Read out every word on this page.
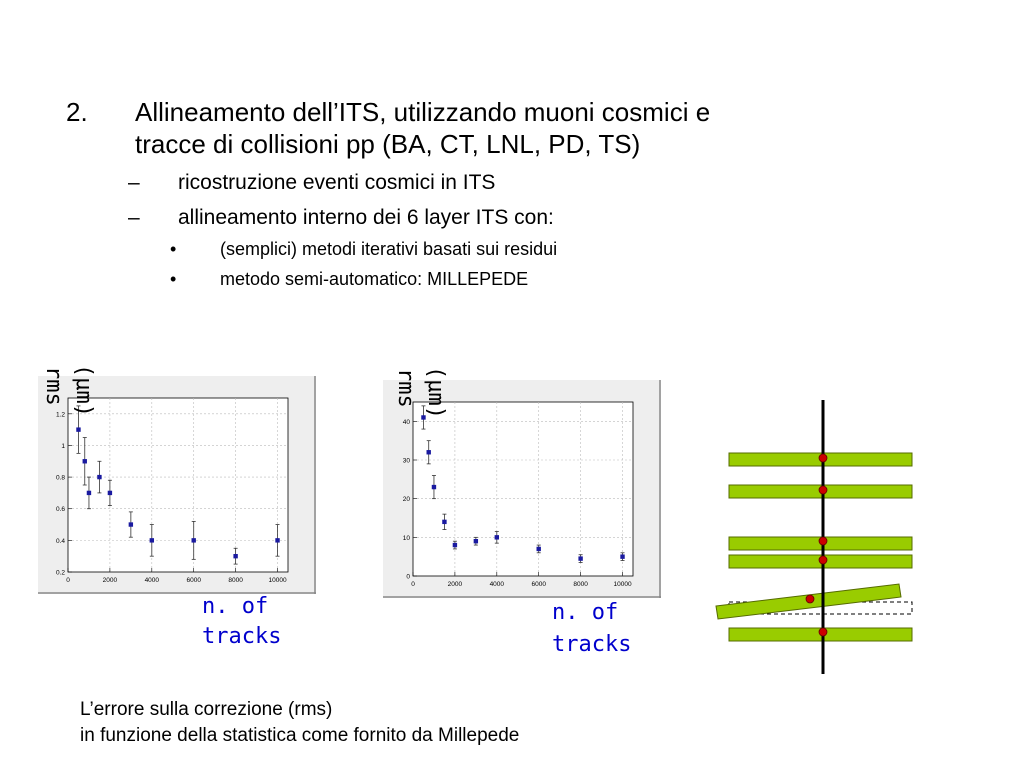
2. Allineamento dell’ITS, utilizzando muoni cosmici e
tracce di collisioni pp (BA, CT, LNL, PD, TS)
– ricostruzione eventi cosmici in ITS
– allineamento interno dei 6 layer ITS con:
• (semplici) metodi iterativi basati sui residui
• metodo semi-automatico: MILLEPEDE
0	2000	4000	6000	8000	10000
0.2
0.4
0.6
0.8
1
1.2
rms (μm)
n. of
tracks
0	2000	4000	6000	8000	10000
0
10
20
30
40
rms (μm)
n. of
tracks
L’errore sulla correzione (rms)
in funzione della statistica come fornito da Millepede
